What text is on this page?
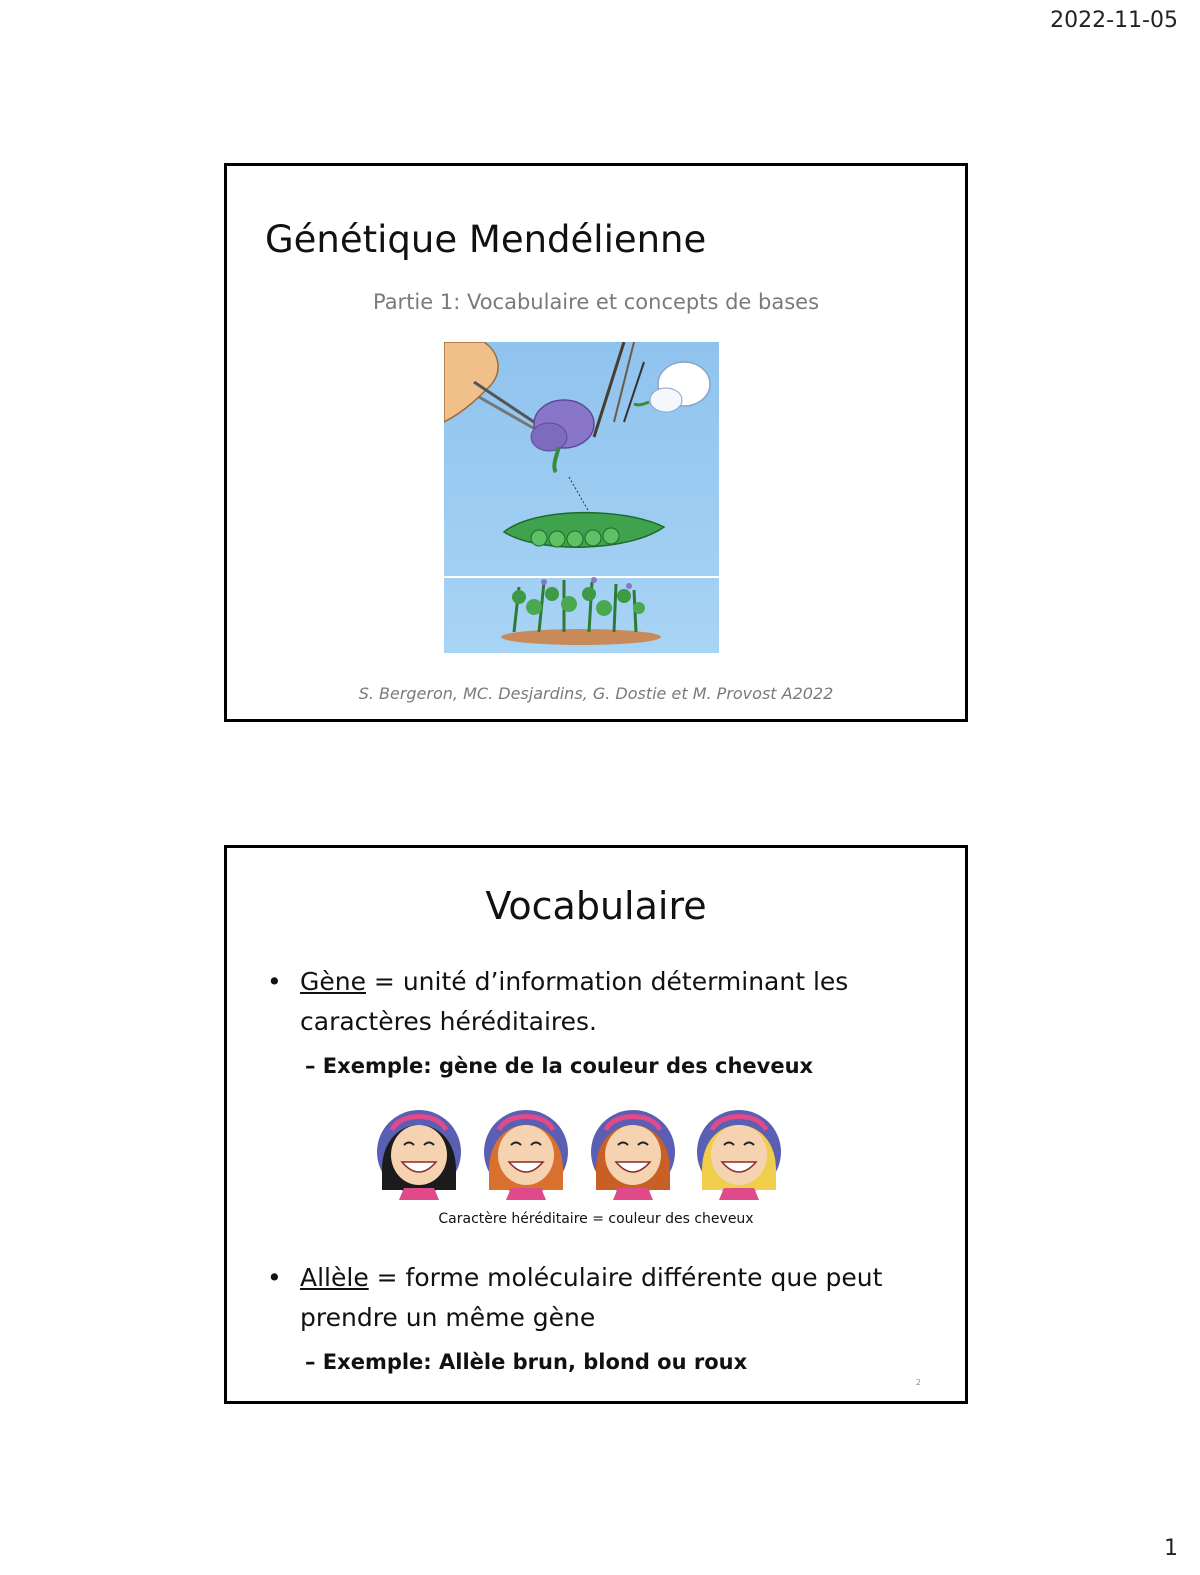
2022-11-05
Génétique Mendélienne
Partie 1: Vocabulaire et concepts de bases
S. Bergeron, MC. Desjardins, G. Dostie et M. Provost A2022
Vocabulaire
• Gène = unité d’information déterminant les caractères héréditaires.
– Exemple: gène de la couleur des cheveux
Caractère héréditaire = couleur des cheveux
• Allèle = forme moléculaire différente que peut prendre un même gène
– Exemple: Allèle brun, blond ou roux
2
1
